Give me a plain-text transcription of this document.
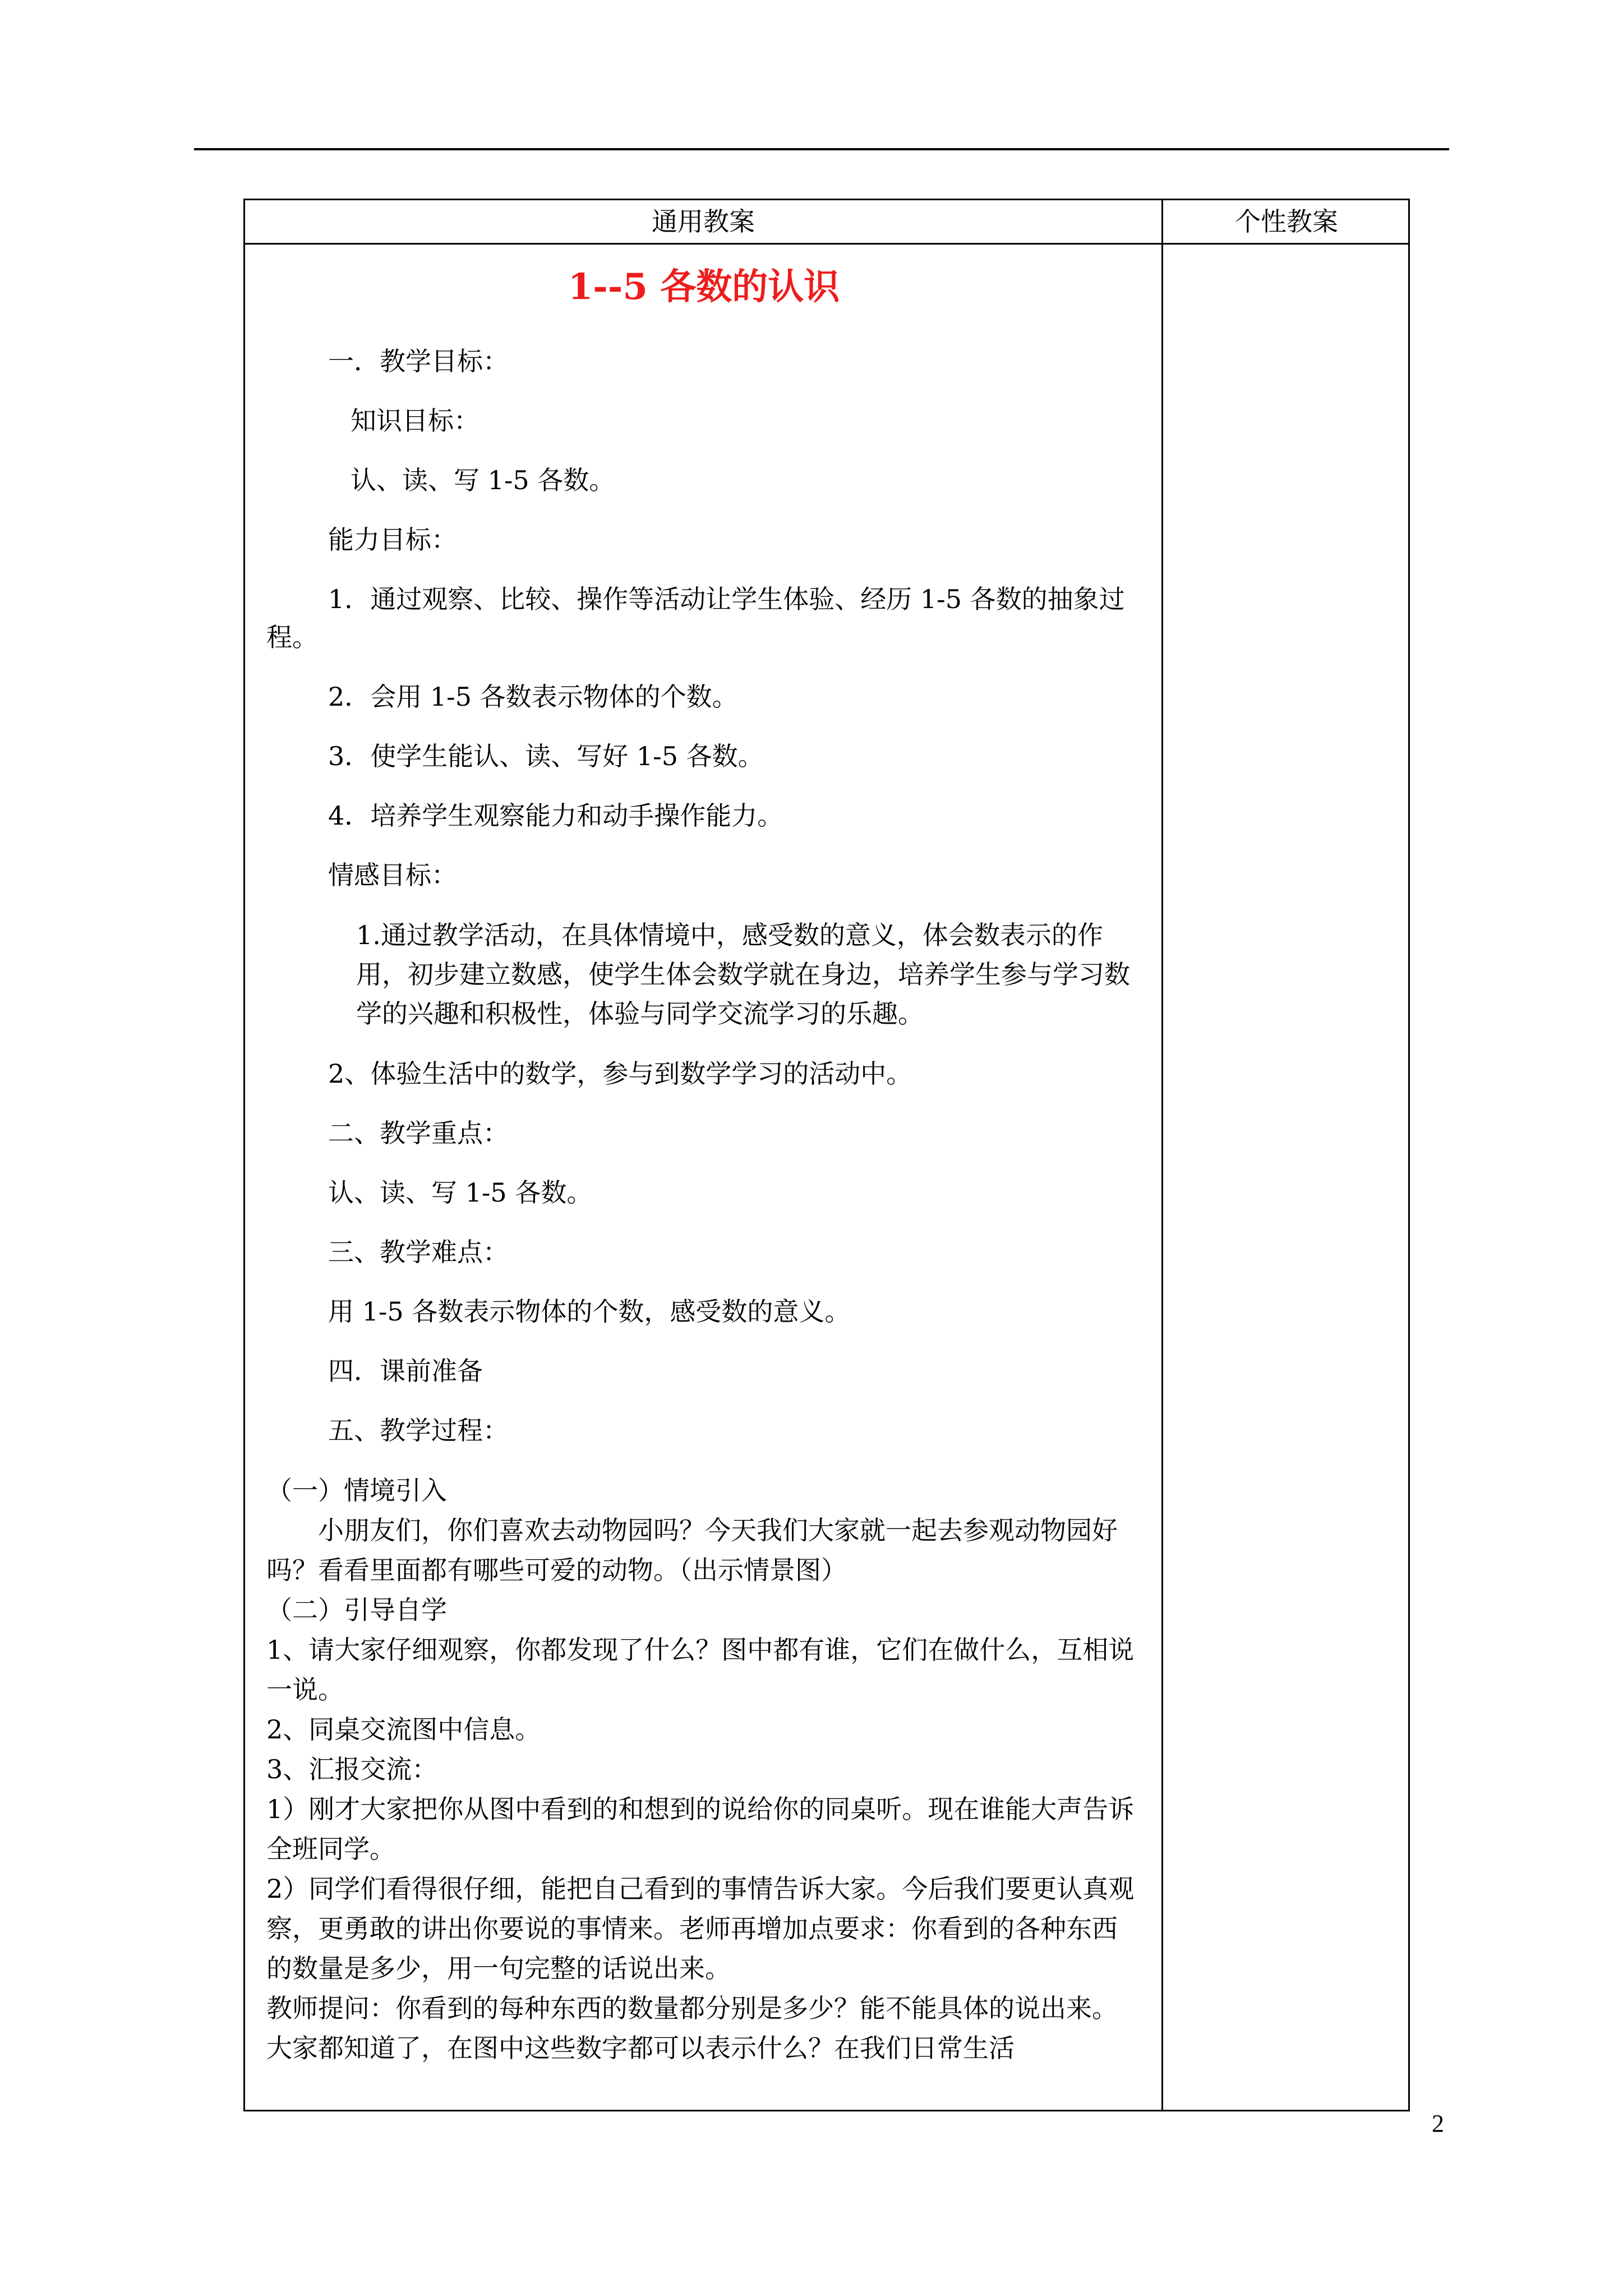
通用教案	个性教案
1--5 各数的认识
一．教学目标：
知识目标：
认、读、写 1-5 各数。
能力目标：
1．通过观察、比较、操作等活动让学生体验、经历 1-5 各数的抽象过程。
2．会用 1-5 各数表示物体的个数。
3．使学生能认、读、写好 1-5 各数。
4．培养学生观察能力和动手操作能力。
情感目标：
1.通过教学活动，在具体情境中，感受数的意义，体会数表示的作用，初步建立数感，使学生体会数学就在身边，培养学生参与学习数学的兴趣和积极性，体验与同学交流学习的乐趣。
2、体验生活中的数学，参与到数学学习的活动中。
二、教学重点：
认、读、写 1-5 各数。
三、教学难点：
用 1-5 各数表示物体的个数，感受数的意义。
四．课前准备
五、教学过程：
（一）情境引入
小朋友们，你们喜欢去动物园吗？今天我们大家就一起去参观动物园好吗？看看里面都有哪些可爱的动物。（出示情景图）
（二）引导自学
1、请大家仔细观察，你都发现了什么？图中都有谁，它们在做什么，互相说一说。
2、同桌交流图中信息。
3、汇报交流：
1）刚才大家把你从图中看到的和想到的说给你的同桌听。现在谁能大声告诉全班同学。
2）同学们看得很仔细，能把自己看到的事情告诉大家。今后我们要更认真观察，更勇敢的讲出你要说的事情来。老师再增加点要求：你看到的各种东西的数量是多少，用一句完整的话说出来。
教师提问：你看到的每种东西的数量都分别是多少？能不能具体的说出来。大家都知道了，在图中这些数字都可以表示什么？在我们日常生活
2
